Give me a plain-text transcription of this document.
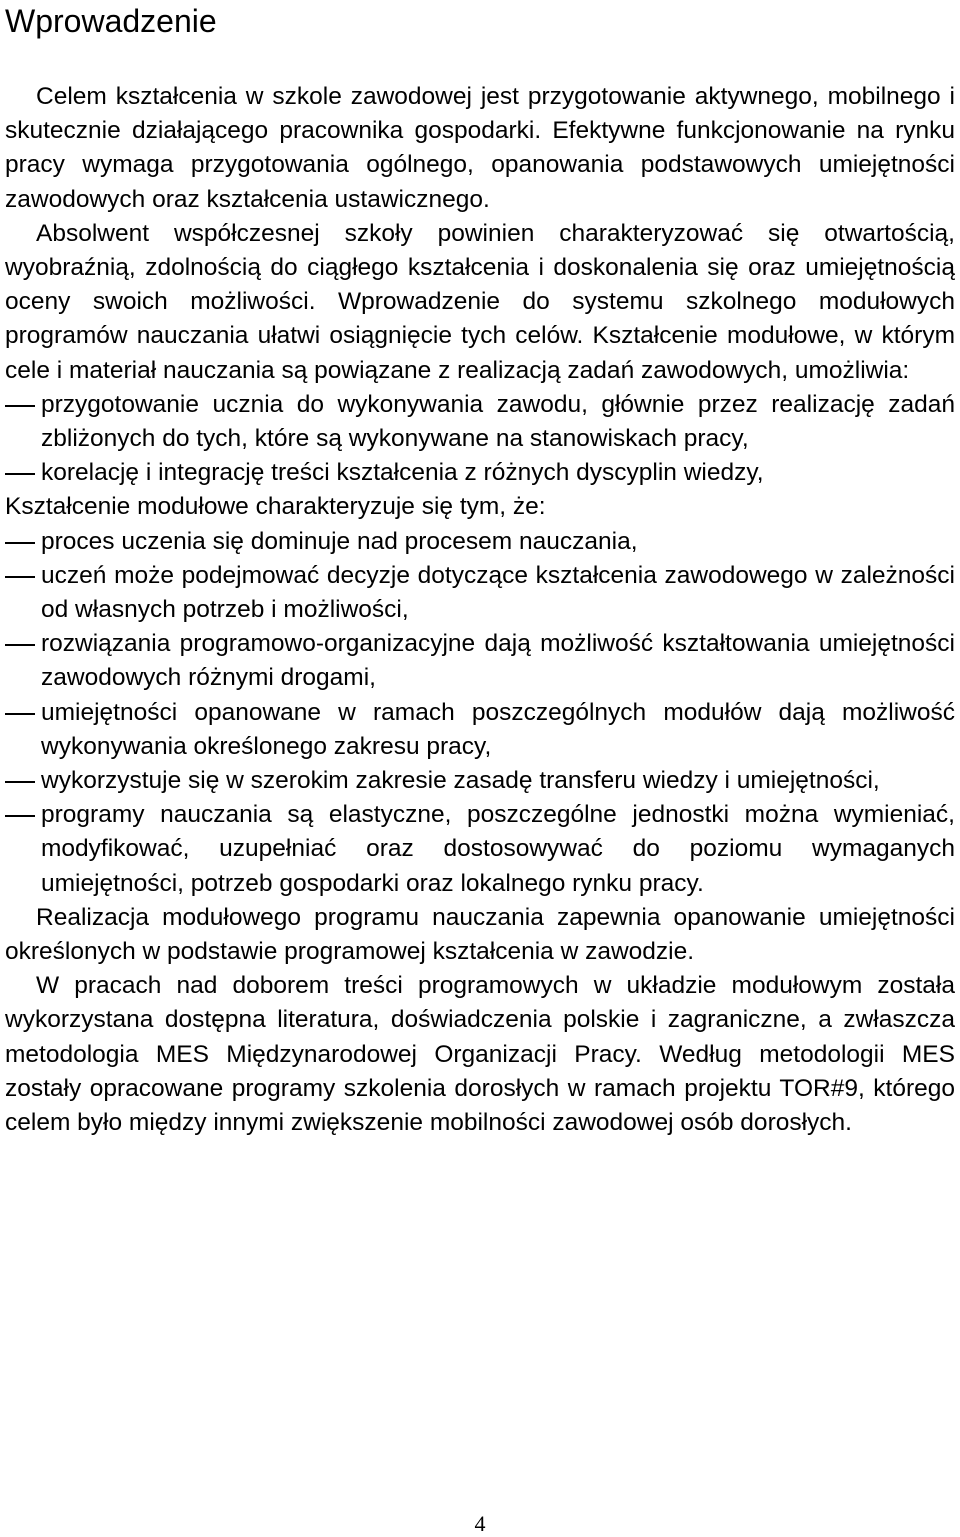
Wprowadzenie

Celem kształcenia w szkole zawodowej jest przygotowanie aktywnego, mobilnego i skutecznie działającego pracownika gospodarki. Efektywne funkcjonowanie na rynku pracy wymaga przygotowania ogólnego, opanowania podstawowych umiejętności zawodowych oraz kształcenia ustawicznego.

Absolwent współczesnej szkoły powinien charakteryzować się otwartością, wyobraźnią, zdolnością do ciągłego kształcenia i doskonalenia się oraz umiejętnością oceny swoich możliwości. Wprowadzenie do systemu szkolnego modułowych programów nauczania ułatwi osiągnięcie tych celów. Kształcenie modułowe, w którym cele i materiał nauczania są powiązane z realizacją zadań zawodowych, umożliwia:

przygotowanie ucznia do wykonywania zawodu, głównie przez realizację zadań zbliżonych do tych, które są wykonywane na stanowiskach pracy,
korelację i integrację treści kształcenia z różnych dyscyplin wiedzy,

Kształcenie modułowe charakteryzuje się tym, że:

proces uczenia się dominuje nad procesem nauczania,
uczeń może podejmować decyzje dotyczące kształcenia zawodowego w zależności od własnych potrzeb i możliwości,
rozwiązania programowo-organizacyjne dają możliwość kształtowania umiejętności zawodowych różnymi drogami,
umiejętności opanowane w ramach poszczególnych modułów dają możliwość wykonywania określonego zakresu pracy,
wykorzystuje się w szerokim zakresie zasadę transferu wiedzy i umiejętności,
programy nauczania są elastyczne, poszczególne jednostki można wymieniać, modyfikować, uzupełniać oraz dostosowywać do poziomu wymaganych umiejętności, potrzeb gospodarki oraz lokalnego rynku pracy.

Realizacja modułowego programu nauczania zapewnia opanowanie umiejętności określonych w podstawie programowej kształcenia w zawodzie.

W pracach nad doborem treści programowych w układzie modułowym została wykorzystana dostępna literatura, doświadczenia polskie i zagraniczne, a zwłaszcza metodologia MES Międzynarodowej Organizacji Pracy. Według metodologii MES zostały opracowane programy szkolenia dorosłych w ramach projektu TOR#9, którego celem było między innymi zwiększenie mobilności zawodowej osób dorosłych.

4
